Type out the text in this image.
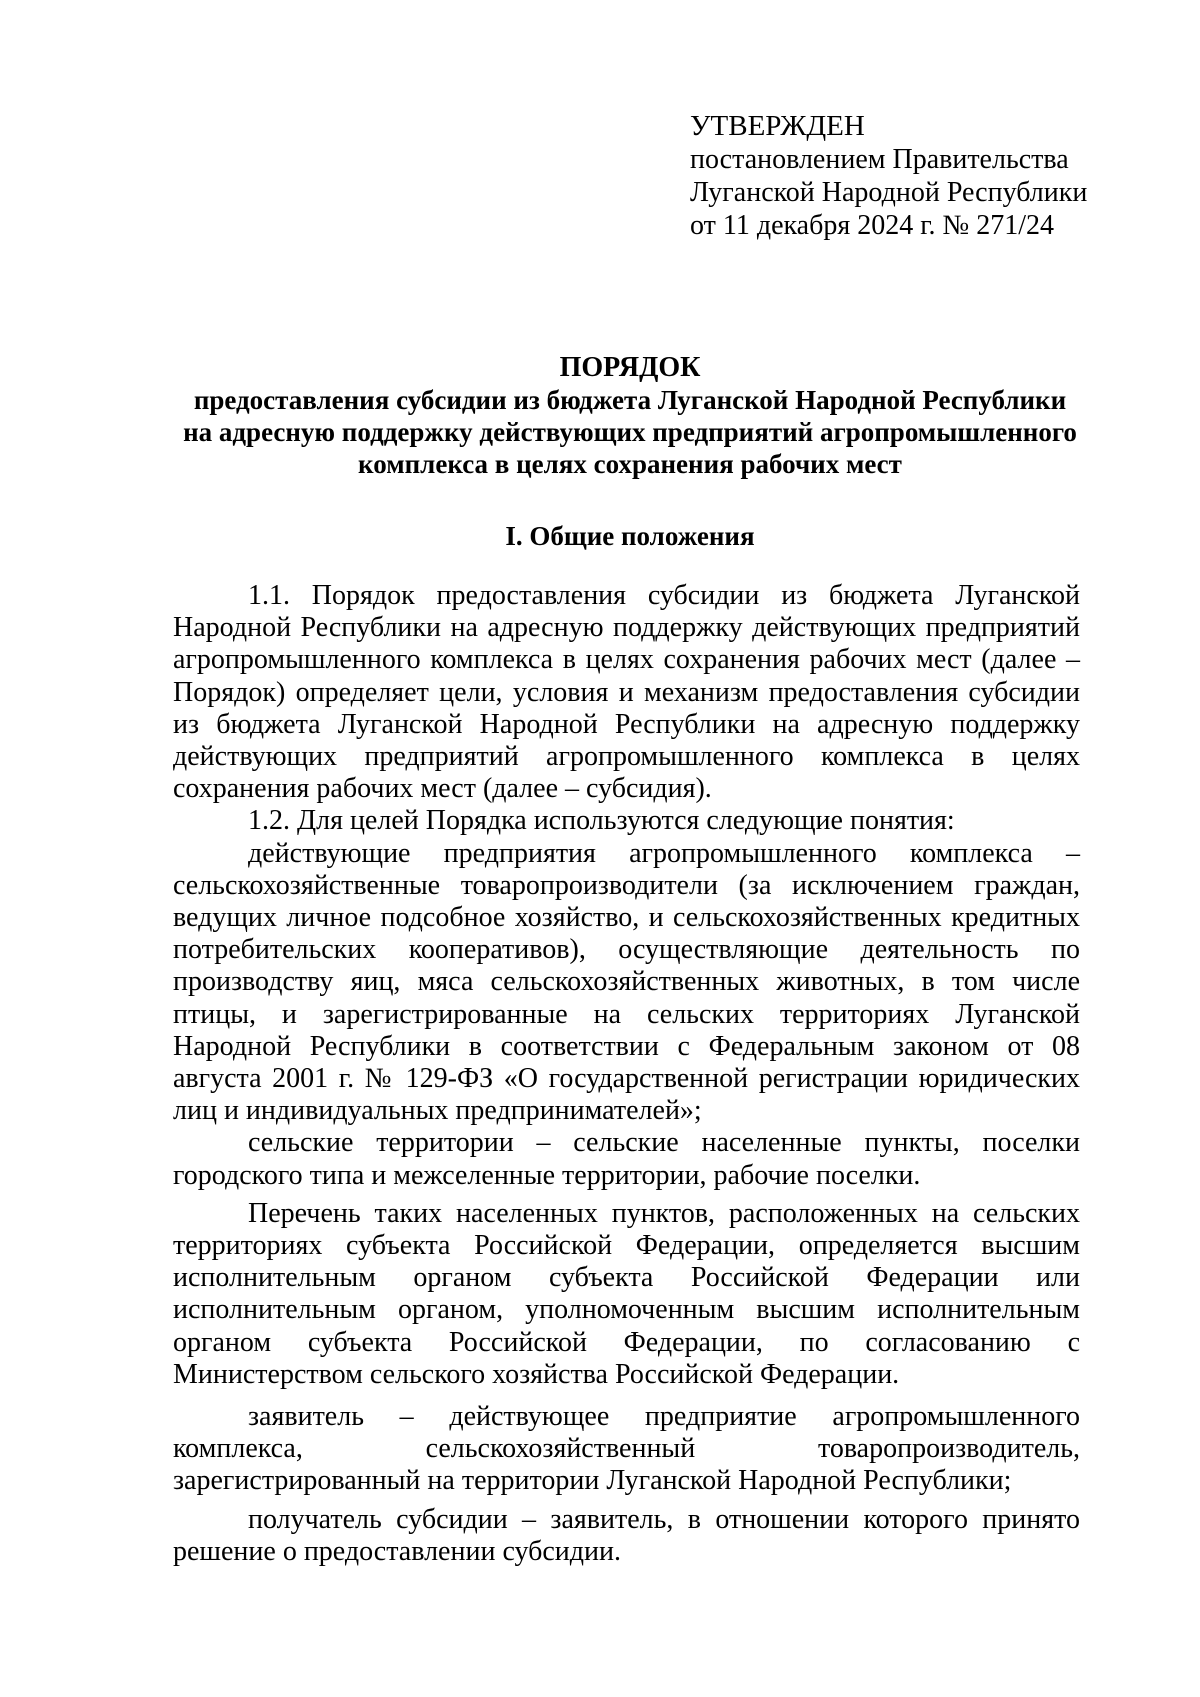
УТВЕРЖДЕН
постановлением Правительства
Луганской Народной Республики
от 11 декабря 2024 г. № 271/24
ПОРЯДОК
предоставления субсидии из бюджета Луганской Народной Республики
на адресную поддержку действующих предприятий агропромышленного
комплекса в целях сохранения рабочих мест
I. Общие положения

1.1. Порядок предоставления субсидии из бюджета Луганской Народной Республики на адресную поддержку действующих предприятий агропромышленного комплекса в целях сохранения рабочих мест (далее – Порядок) определяет цели, условия и механизм предоставления субсидии из бюджета Луганской Народной Республики на адресную поддержку действующих предприятий агропромышленного комплекса в целях сохранения рабочих мест (далее – субсидия).

1.2. Для целей Порядка используются следующие понятия:

действующие предприятия агропромышленного комплекса – сельскохозяйственные товаропроизводители (за исключением граждан, ведущих личное подсобное хозяйство, и сельскохозяйственных кредитных потребительских кооперативов), осуществляющие деятельность по производству яиц, мяса сельскохозяйственных животных, в том числе птицы, и зарегистрированные на сельских территориях Луганской Народной Республики в соответствии с Федеральным законом от 08 августа 2001 г. № 129-ФЗ «О государственной регистрации юридических лиц и индивидуальных предпринимателей»;

сельские территории – сельские населенные пункты, поселки городского типа и межселенные территории, рабочие поселки.

Перечень таких населенных пунктов, расположенных на сельских территориях субъекта Российской Федерации, определяется высшим исполнительным органом субъекта Российской Федерации или исполнительным органом, уполномоченным высшим исполнительным органом субъекта Российской Федерации, по согласованию с Министерством сельского хозяйства Российской Федерации.

заявитель – действующее предприятие агропромышленного комплекса, сельскохозяйственный товаропроизводитель, зарегистрированный на территории Луганской Народной Республики;

получатель субсидии – заявитель, в отношении которого принято решение о предоставлении субсидии.
